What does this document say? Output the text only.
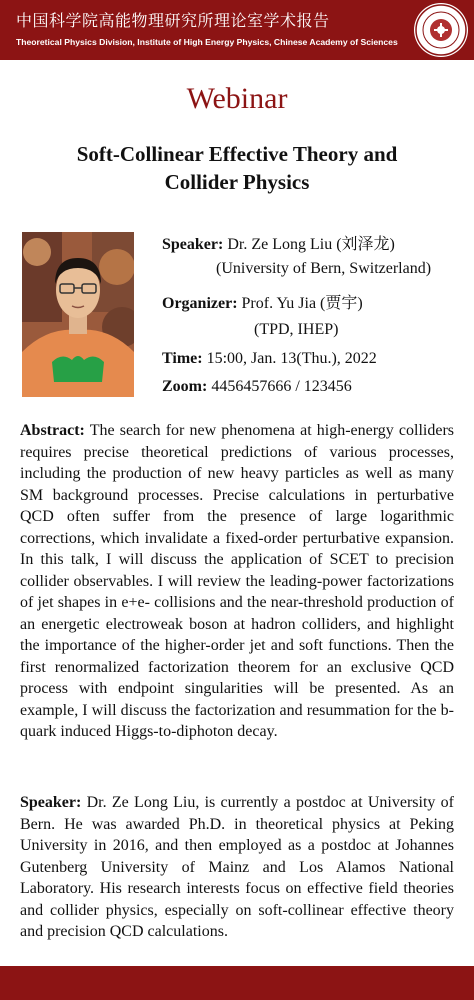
中国科学院高能物理研究所理论室学术报告
Theoretical Physics Division, Institute of High Energy Physics, Chinese Academy of Sciences
Webinar
Soft-Collinear Effective Theory and
Collider Physics
Speaker: Dr. Ze Long Liu (刘泽龙)
(University of Bern, Switzerland)
Organizer: Prof. Yu Jia (贾宇)
(TPD, IHEP)
Time: 15:00, Jan. 13(Thu.), 2022
Zoom: 4456457666 / 123456
Abstract: The search for new phenomena at high-energy colliders requires precise theoretical predictions of various processes, including the production of new heavy particles as well as many SM background processes. Precise calculations in perturbative QCD often suffer from the presence of large logarithmic corrections, which invalidate a fixed-order perturbative expansion. In this talk, I will discuss the application of SCET to precision collider observables. I will review the leading-power factorizations of jet shapes in e+e- collisions and the near-threshold production of an energetic electroweak boson at hadron colliders, and highlight the importance of the higher-order jet and soft functions. Then the first renormalized factorization theorem for an exclusive QCD process with endpoint singularities will be presented. As an example, I will discuss the factorization and resummation for the b-quark induced Higgs-to-diphoton decay.
Speaker: Dr. Ze Long Liu, is currently a postdoc at University of Bern. He was awarded Ph.D. in theoretical physics at Peking University in 2016, and then employed as a postdoc at Johannes Gutenberg University of Mainz and Los Alamos National Laboratory. His research interests focus on effective field theories and collider physics, especially on soft-collinear effective theory and precision QCD calculations.
